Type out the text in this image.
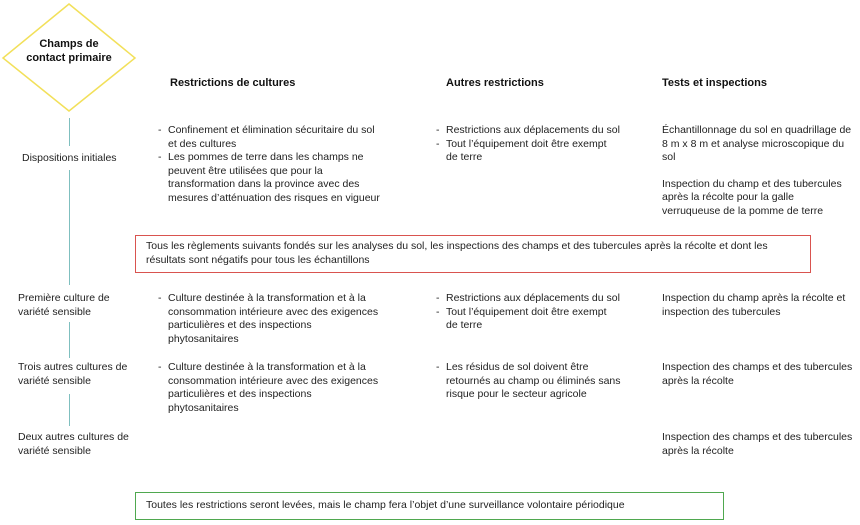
Champs de contact primaire
Restrictions de cultures	Autres restrictions	Tests et inspections
Dispositions initiales
- Confinement et élimination sécuritaire du sol et des cultures
- Les pommes de terre dans les champs ne peuvent être utilisées que pour la transformation dans la province avec des mesures d’atténuation des risques en vigueur
- Restrictions aux déplacements du sol
- Tout l’équipement doit être exempt de terre

Échantillonnage du sol en quadrillage de 8 m x 8 m et analyse microscopique du sol

Inspection du champ et des tubercules après la récolte pour la galle verruqueuse de la pomme de terre

Tous les règlements suivants fondés sur les analyses du sol, les inspections des champs et des tubercules après la récolte et dont les résultats sont négatifs pour tous les échantillons
Première culture de variété sensible
- Culture destinée à la transformation et à la consommation intérieure avec des exigences particulières et des inspections phytosanitaires
- Restrictions aux déplacements du sol
- Tout l’équipement doit être exempt de terre

Inspection du champ après la récolte et inspection des tubercules

Trois autres cultures de variété sensible
- Culture destinée à la transformation et à la consommation intérieure avec des exigences particulières et des inspections phytosanitaires
- Les résidus de sol doivent être retournés au champ ou éliminés sans risque pour le secteur agricole

Inspection des champs et des tubercules après la récolte

Deux autres cultures de variété sensible

Inspection des champs et des tubercules après la récolte

Toutes les restrictions seront levées, mais le champ fera l’objet d’une surveillance volontaire périodique
